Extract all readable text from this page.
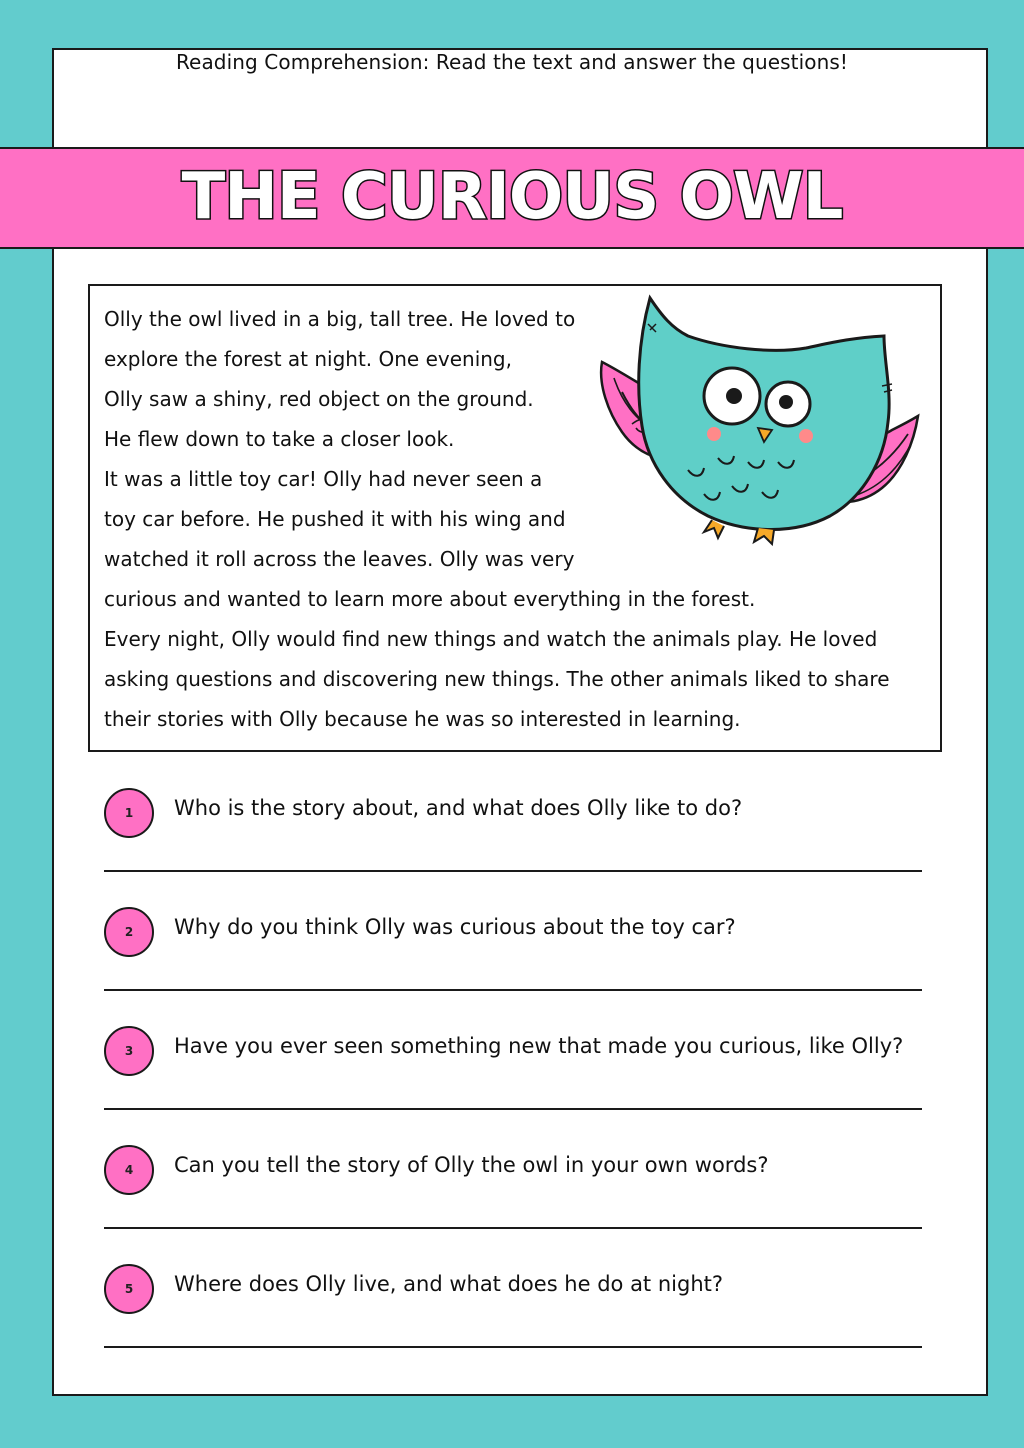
Reading Comprehension: Read the text and answer the questions!
THE CURIOUS OWL
Olly the owl lived in a big, tall tree. He loved to
explore the forest at night. One evening,
Olly saw a shiny, red object on the ground.
He flew down to take a closer look.
It was a little toy car! Olly had never seen a
toy car before. He pushed it with his wing and
watched it roll across the leaves. Olly was very
curious and wanted to learn more about everything in the forest.
Every night, Olly would find new things and watch the animals play. He loved
asking questions and discovering new things. The other animals liked to share
their stories with Olly because he was so interested in learning.
1	Who is the story about, and what does Olly like to do?
2	Why do you think Olly was curious about the toy car?
3	Have you ever seen something new that made you curious, like Olly?
4	Can you tell the story of Olly the owl in your own words?
5	Where does Olly live, and what does he do at night?
